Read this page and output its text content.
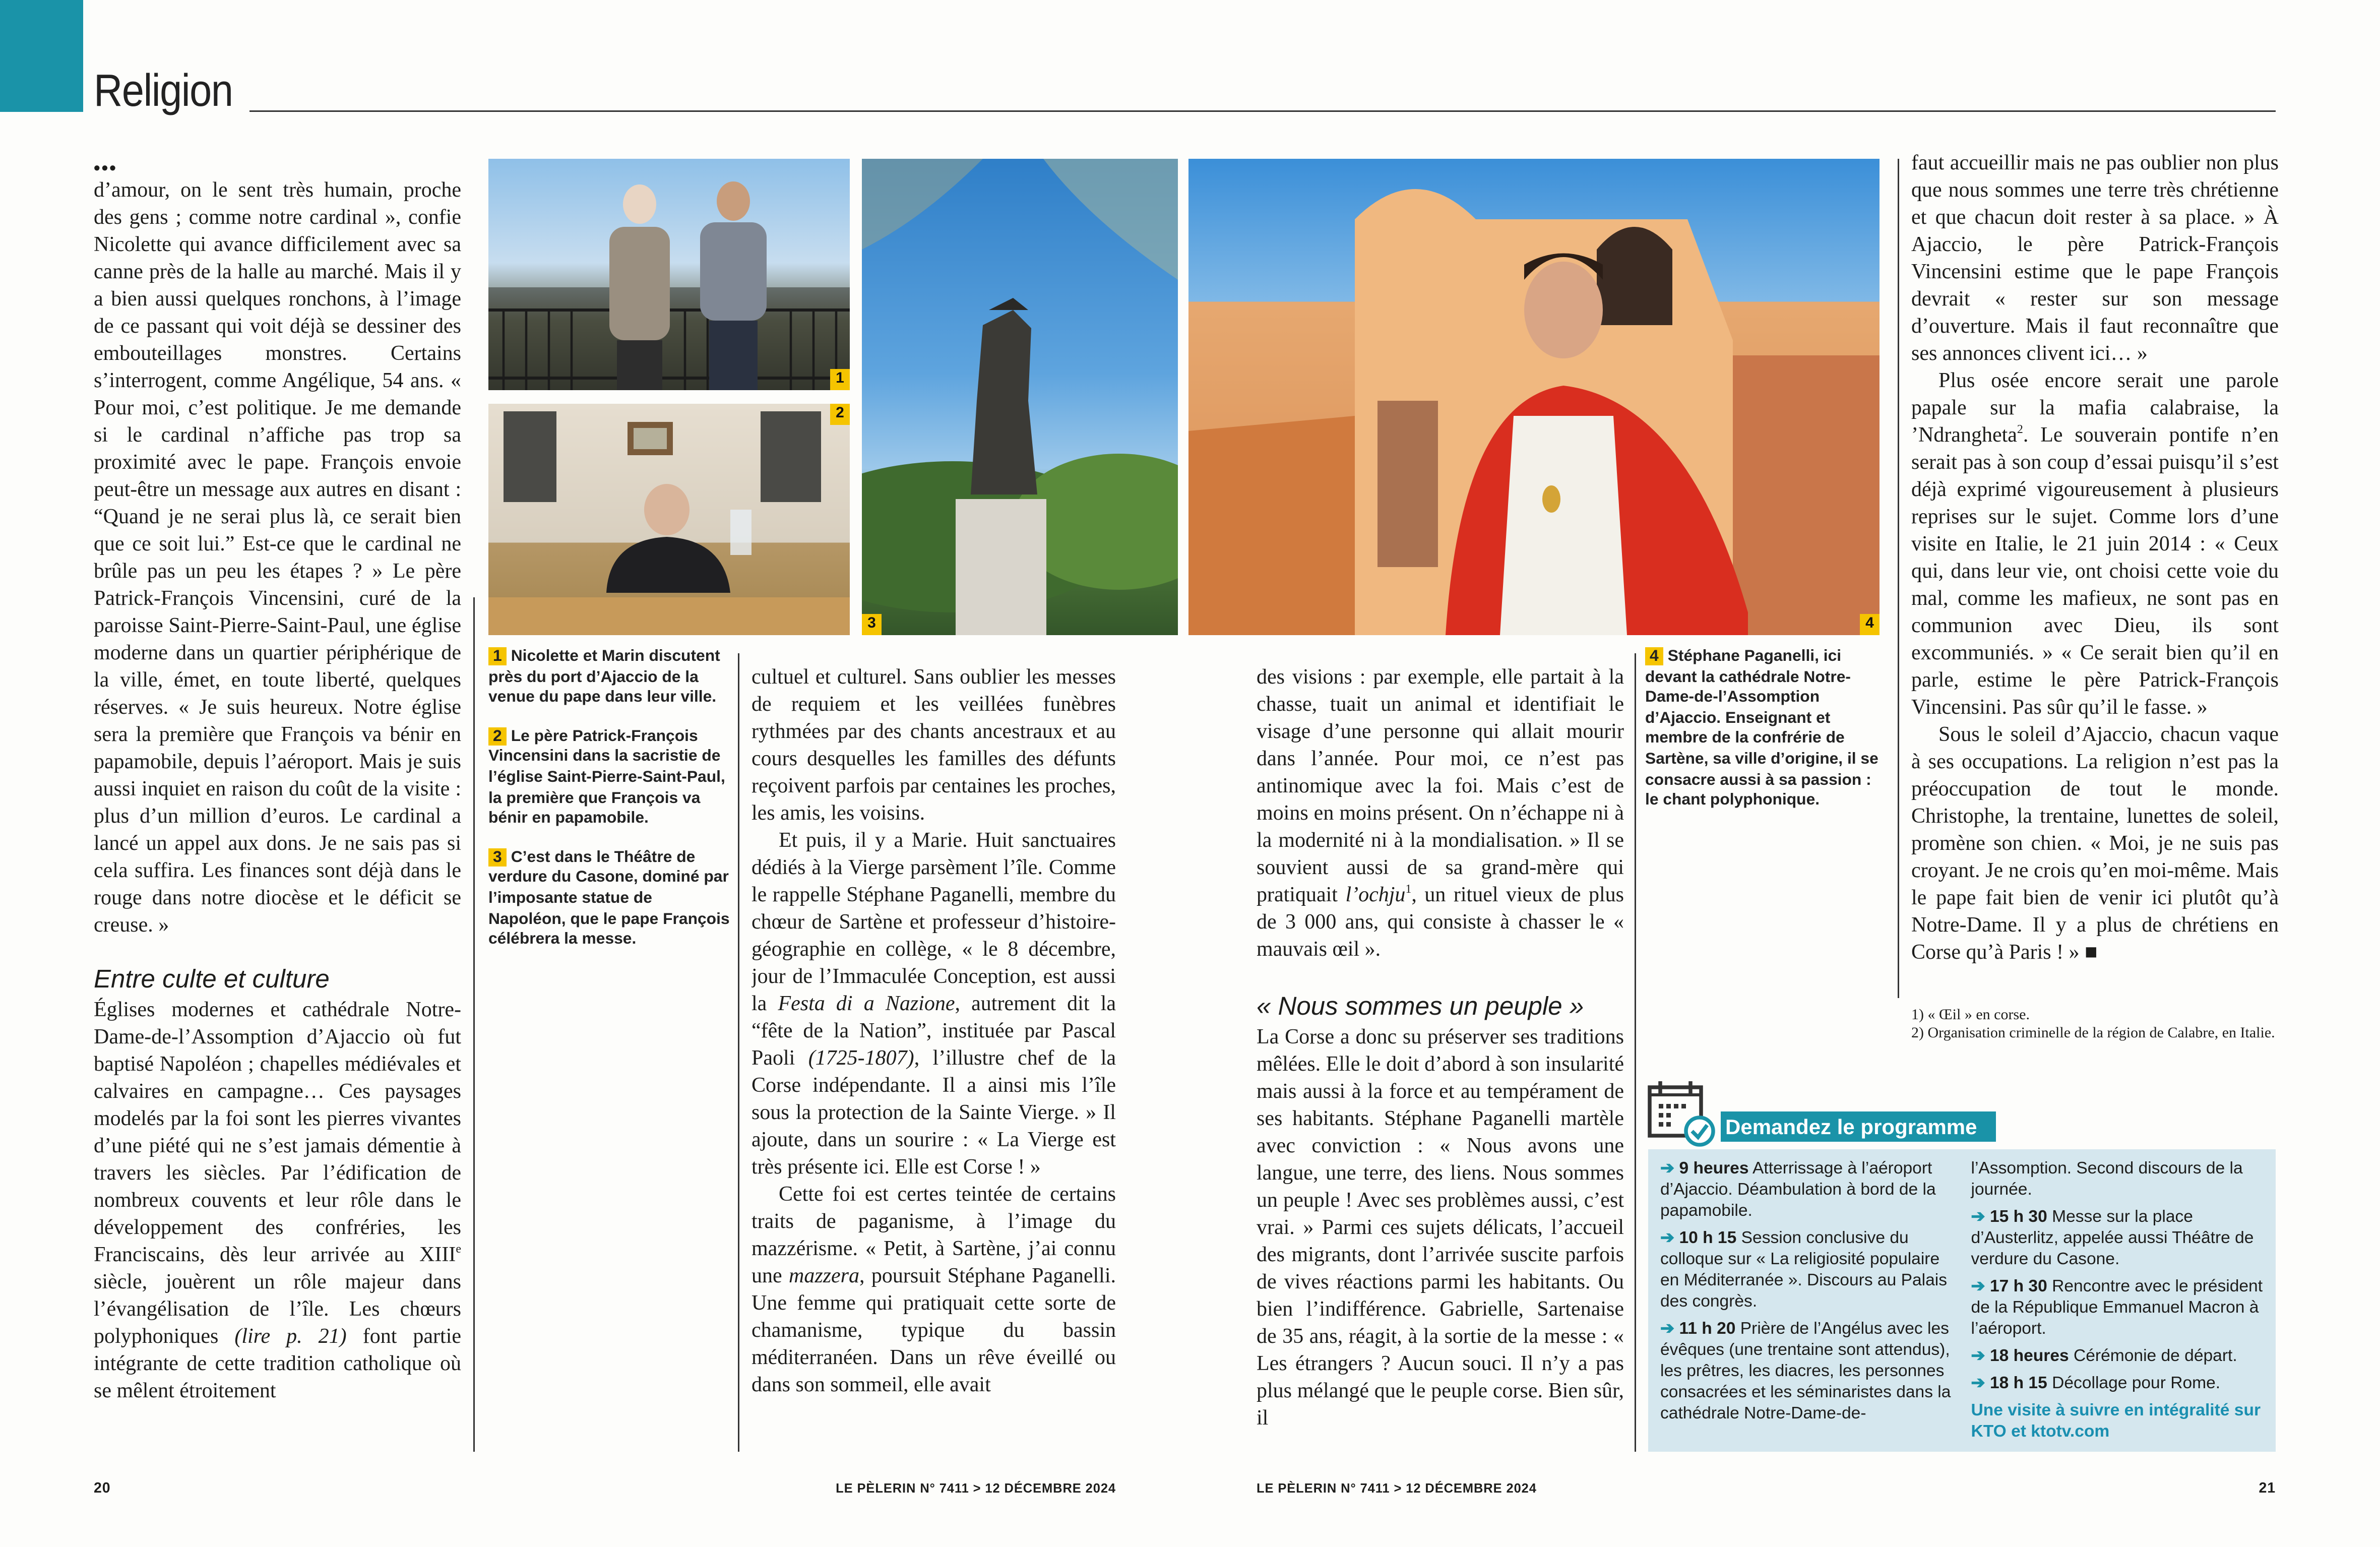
Religion
•••

d’amour, on le sent très humain, proche des gens ; comme notre cardinal », confie Nicolette qui avance difficilement avec sa canne près de la halle au marché. Mais il y a bien aussi quelques ronchons, à l’image de ce passant qui voit déjà se dessiner des embouteillages monstres. Certains s’interrogent, comme Angélique, 54 ans. « Pour moi, c’est politique. Je me demande si le cardinal n’affiche pas trop sa proximité avec le pape. François envoie peut-être un message aux autres en disant : “Quand je ne serai plus là, ce serait bien que ce soit lui.” Est-ce que le cardinal ne brûle pas un peu les étapes ? » Le père Patrick-François Vincensini, curé de la paroisse Saint-Pierre-Saint-Paul, une église moderne dans un quartier périphérique de la ville, émet, en toute liberté, quelques réserves. « Je suis heureux. Notre église sera la première que François va bénir en papamobile, depuis l’aéroport. Mais je suis aussi inquiet en raison du coût de la visite : plus d’un million d’euros. Le cardinal a lancé un appel aux dons. Je ne sais pas si cela suffira. Les finances sont déjà dans le rouge dans notre diocèse et le déficit se creuse. »

Entre culte et culture

Églises modernes et cathédrale Notre-Dame-de-l’Assomption d’Ajaccio où fut baptisé Napoléon ; chapelles médiévales et calvaires en campagne… Ces paysages modelés par la foi sont les pierres vivantes d’une piété qui ne s’est jamais démentie à travers les siècles. Par l’édification de nombreux couvents et leur rôle dans le développement des confréries, les Franciscains, dès leur arrivée au XIIIe siècle, jouèrent un rôle majeur dans l’évangélisation de l’île. Les chœurs polyphoniques (lire p. 21) font partie intégrante de cette tradition catholique où se mêlent étroitement

1
2
3	4

1 Nicolette et Marin discutent près du port d’Ajaccio de la venue du pape dans leur ville.

2 Le père Patrick-François Vincensini dans la sacristie de l’église Saint-Pierre-Saint-Paul, la première que François va bénir en papamobile.

3 C’est dans le Théâtre de verdure du Casone, dominé par l’imposante statue de Napoléon, que le pape François célébrera la messe.

cultuel et culturel. Sans oublier les messes de requiem et les veillées funèbres rythmées par des chants ancestraux et au cours desquelles les familles des défunts reçoivent parfois par centaines les proches, les amis, les voisins.

Et puis, il y a Marie. Huit sanctuaires dédiés à la Vierge parsèment l’île. Comme le rappelle Stéphane Paganelli, membre du chœur de Sartène et professeur d’histoire-géographie en collège, « le 8 décembre, jour de l’Immaculée Conception, est aussi la Festa di a Nazione, autrement dit la “fête de la Nation”, instituée par Pascal Paoli (1725-1807), l’illustre chef de la Corse indépendante. Il a ainsi mis l’île sous la protection de la Sainte Vierge. » Il ajoute, dans un sourire : « La Vierge est très présente ici. Elle est Corse ! »

Cette foi est certes teintée de certains traits de paganisme, à l’image du mazzérisme. « Petit, à Sartène, j’ai connu une mazzera, poursuit Stéphane Paganelli. Une femme qui pratiquait cette sorte de chamanisme, typique du bassin méditerranéen. Dans un rêve éveillé ou dans son sommeil, elle avait

des visions : par exemple, elle partait à la chasse, tuait un animal et identifiait le visage d’une personne qui allait mourir dans l’année. Pour moi, ce n’est pas antinomique avec la foi. Mais c’est de moins en moins présent. On n’échappe ni à la modernité ni à la mondialisation. » Il se souvient aussi de sa grand-mère qui pratiquait l’ochju$^1$, un rituel vieux de plus de 3 000 ans, qui consiste à chasser le « mauvais œil ».

« Nous sommes un peuple »

La Corse a donc su préserver ses traditions mêlées. Elle le doit d’abord à son insularité mais aussi à la force et au tempérament de ses habitants. Stéphane Paganelli martèle avec conviction : « Nous avons une langue, une terre, des liens. Nous sommes un peuple ! Avec ses problèmes aussi, c’est vrai. » Parmi ces sujets délicats, l’accueil des migrants, dont l’arrivée suscite parfois de vives réactions parmi les habitants. Ou bien l’indifférence. Gabrielle, Sartenaise de 35 ans, réagit, à la sortie de la messe : « Les étrangers ? Aucun souci. Il n’y a pas plus mélangé que le peuple corse. Bien sûr, il

4 Stéphane Paganelli, ici devant la cathédrale Notre-Dame-de-l’Assomption d’Ajaccio. Enseignant et membre de la confrérie de Sartène, sa ville d’origine, il se consacre aussi à sa passion : le chant polyphonique.

faut accueillir mais ne pas oublier non plus que nous sommes une terre très chrétienne et que chacun doit rester à sa place. » À Ajaccio, le père Patrick-François Vincensini estime que le pape François devrait « rester sur son message d’ouverture. Mais il faut reconnaître que ses annonces clivent ici… »

Plus osée encore serait une parole papale sur la mafia calabraise, la ’Ndrangheta$^2$. Le souverain pontife n’en serait pas à son coup d’essai puisqu’il s’est déjà exprimé vigoureusement à plusieurs reprises sur le sujet. Comme lors d’une visite en Italie, le 21 juin 2014 : « Ceux qui, dans leur vie, ont choisi cette voie du mal, comme les mafieux, ne sont pas en communion avec Dieu, ils sont excommuniés. » « Ce serait bien qu’il en parle, estime le père Patrick-François Vincensini. Pas sûr qu’il le fasse. »

Sous le soleil d’Ajaccio, chacun vaque à ses occupations. La religion n’est pas la préoccupation de tout le monde. Christophe, la trentaine, lunettes de soleil, promène son chien. « Moi, je ne suis pas croyant. Je ne crois qu’en moi-même. Mais le pape fait bien de venir ici plutôt qu’à Notre-Dame. Il y a plus de chrétiens en Corse qu’à Paris ! » ■

1) « Œil » en corse.
2) Organisation criminelle de la région de Calabre, en Italie.
Demandez le programme
➔ 9 heures Atterrissage à l’aéroport d’Ajaccio. Déambulation à bord de la papamobile.
➔ 10 h 15 Session conclusive du colloque sur « La religiosité populaire en Méditerranée ». Discours au Palais des congrès.
➔ 11 h 20 Prière de l’Angélus avec les évêques (une trentaine sont attendus), les prêtres, les diacres, les personnes consacrées et les séminaristes dans la cathédrale Notre-Dame-de-l’Assomption. Second discours de la journée.
➔ 15 h 30 Messe sur la place d’Austerlitz, appelée aussi Théâtre de verdure du Casone.
➔ 17 h 30 Rencontre avec le président de la République Emmanuel Macron à l’aéroport.
➔ 18 heures Cérémonie de départ.
➔ 18 h 15 Décollage pour Rome.
Une visite à suivre en intégralité sur KTO et ktotv.com
20	LE PÈLERIN N° 7411 > 12 DÉCEMBRE 2024	LE PÈLERIN N° 7411 > 12 DÉCEMBRE 2024	21
